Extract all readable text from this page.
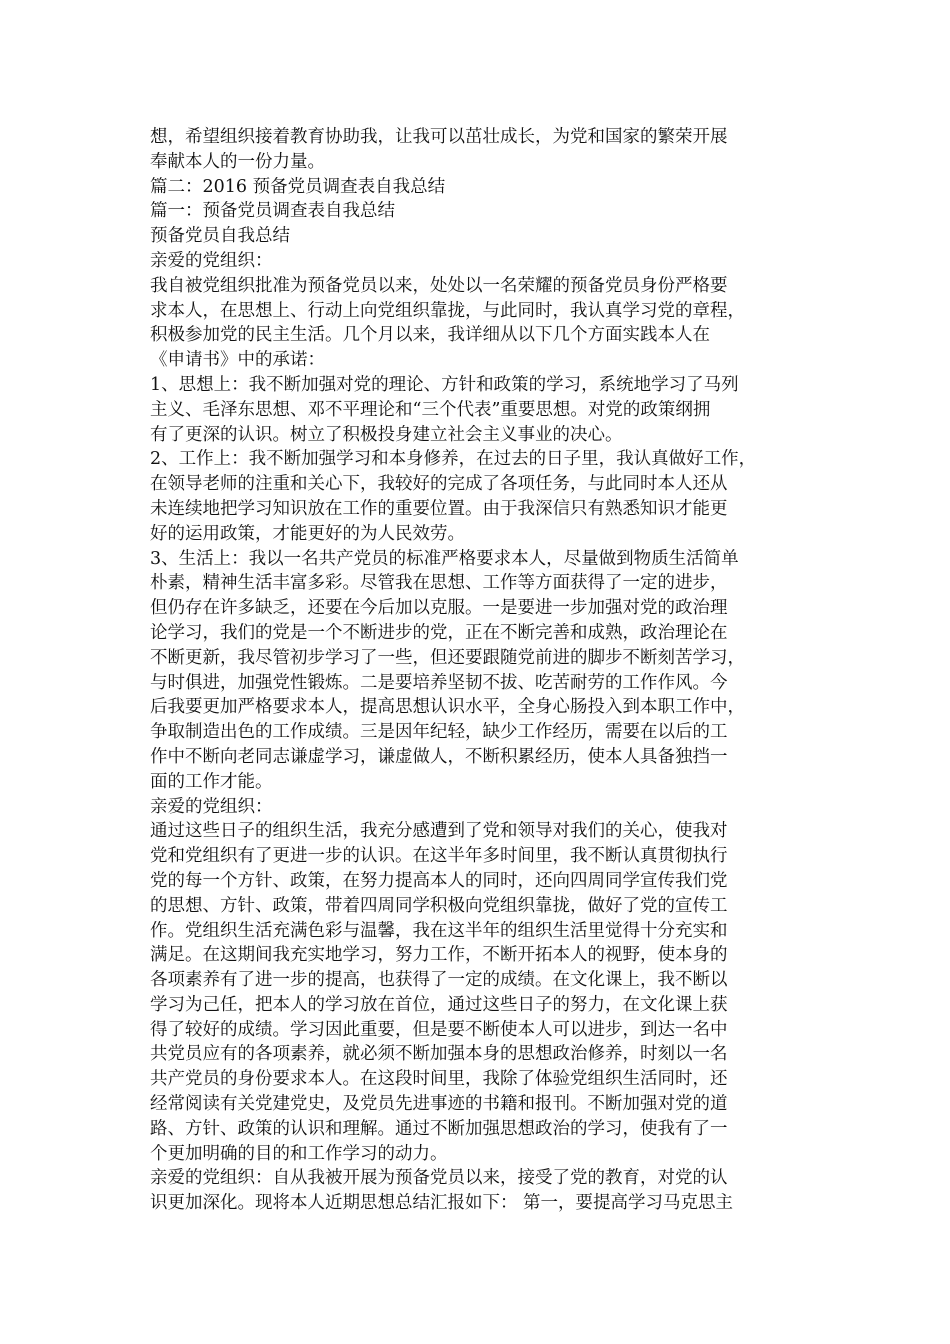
想，希望组织接着教育协助我，让我可以茁壮成长，为党和国家的繁荣开展
奉献本人的一份力量。
篇二：2016 预备党员调查表自我总结
篇一：预备党员调查表自我总结
预备党员自我总结
亲爱的党组织：
我自被党组织批准为预备党员以来，处处以一名荣耀的预备党员身份严格要
求本人，在思想上、行动上向党组织靠拢，与此同时，我认真学习党的章程，
积极参加党的民主生活。几个月以来，我详细从以下几个方面实践本人在
《申请书》中的承诺：
1、思想上：我不断加强对党的理论、方针和政策的学习，系统地学习了马列
主义、毛泽东思想、邓不平理论和“三个代表”重要思想。对党的政策纲拥
有了更深的认识。树立了积极投身建立社会主义事业的决心。
2、工作上：我不断加强学习和本身修养，在过去的日子里，我认真做好工作，
在领导老师的注重和关心下，我较好的完成了各项任务，与此同时本人还从
未连续地把学习知识放在工作的重要位置。由于我深信只有熟悉知识才能更
好的运用政策，才能更好的为人民效劳。
3、生活上：我以一名共产党员的标准严格要求本人，尽量做到物质生活简单
朴素，精神生活丰富多彩。尽管我在思想、工作等方面获得了一定的进步，
但仍存在许多缺乏，还要在今后加以克服。一是要进一步加强对党的政治理
论学习，我们的党是一个不断进步的党，正在不断完善和成熟，政治理论在
不断更新，我尽管初步学习了一些，但还要跟随党前进的脚步不断刻苦学习，
与时俱进，加强党性锻炼。二是要培养坚韧不拔、吃苦耐劳的工作作风。今
后我要更加严格要求本人，提高思想认识水平，全身心肠投入到本职工作中，
争取制造出色的工作成绩。三是因年纪轻，缺少工作经历，需要在以后的工
作中不断向老同志谦虚学习，谦虚做人，不断积累经历，使本人具备独挡一
面的工作才能。
亲爱的党组织：
通过这些日子的组织生活，我充分感遭到了党和领导对我们的关心，使我对
党和党组织有了更进一步的认识。在这半年多时间里，我不断认真贯彻执行
党的每一个方针、政策，在努力提高本人的同时，还向四周同学宣传我们党
的思想、方针、政策，带着四周同学积极向党组织靠拢，做好了党的宣传工
作。党组织生活充满色彩与温馨，我在这半年的组织生活里觉得十分充实和
满足。在这期间我充实地学习，努力工作，不断开拓本人的视野，使本身的
各项素养有了进一步的提高，也获得了一定的成绩。在文化课上，我不断以
学习为己任，把本人的学习放在首位，通过这些日子的努力，在文化课上获
得了较好的成绩。学习因此重要，但是要不断使本人可以进步，到达一名中
共党员应有的各项素养，就必须不断加强本身的思想政治修养，时刻以一名
共产党员的身份要求本人。在这段时间里，我除了体验党组织生活同时，还
经常阅读有关党建党史，及党员先进事迹的书籍和报刊。不断加强对党的道
路、方针、政策的认识和理解。通过不断加强思想政治的学习，使我有了一
个更加明确的目的和工作学习的动力。
亲爱的党组织：自从我被开展为预备党员以来，接受了党的教育，对党的认
识更加深化。现将本人近期思想总结汇报如下： 第一，要提高学习马克思主
